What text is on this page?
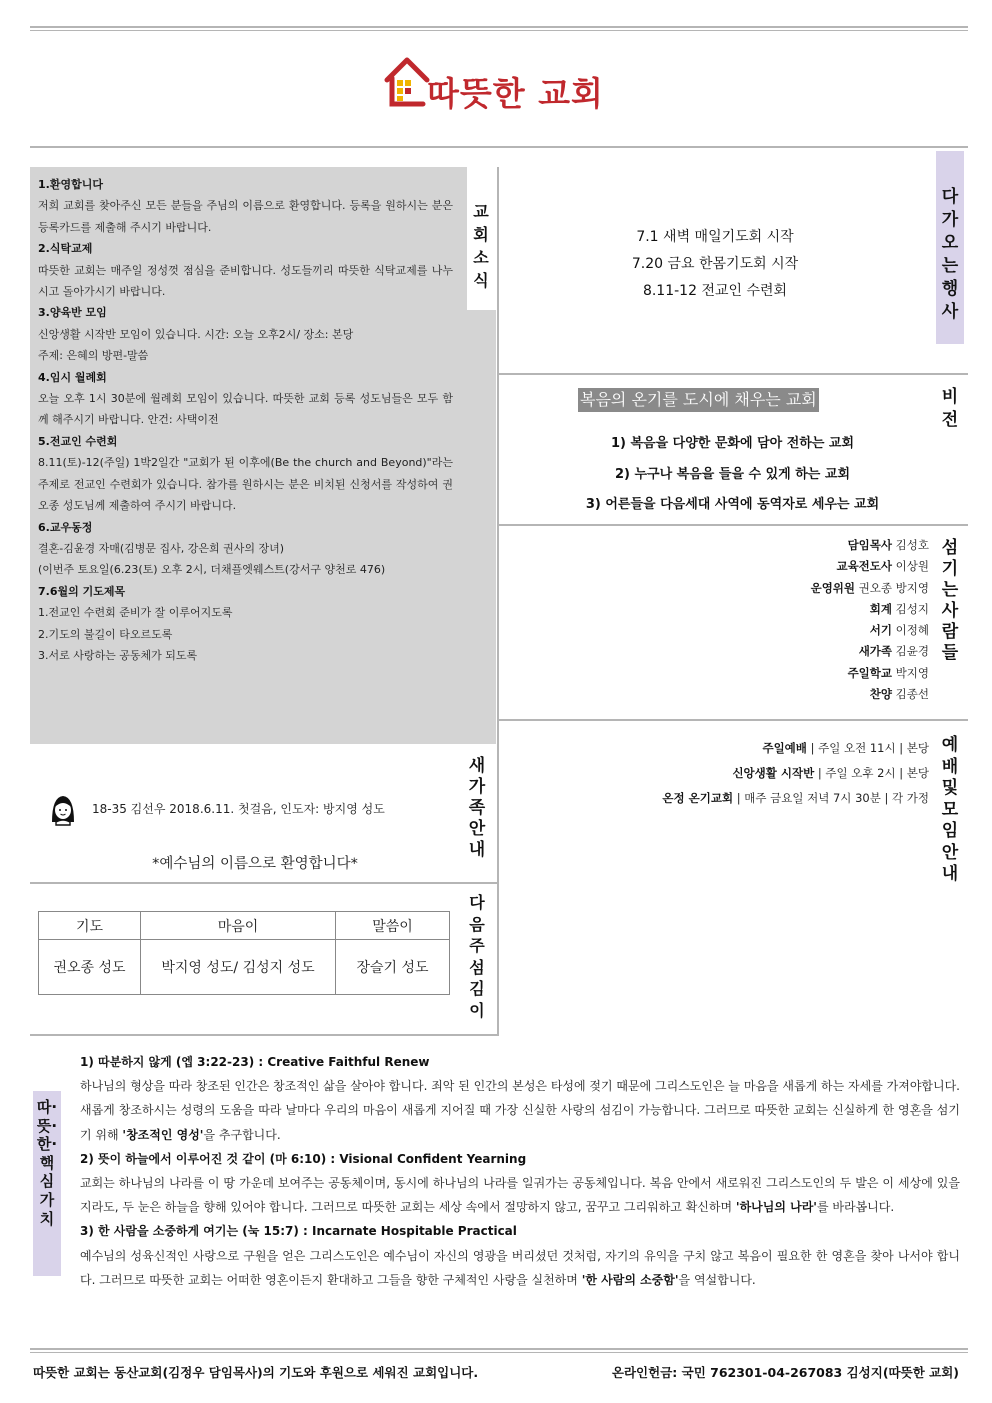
따뜻한 교회
교회소식
1.환영합니다
저희 교회를 찾아주신 모든 분들을 주님의 이름으로 환영합니다. 등록을 원하시는 분은 등록카드를 제출해 주시기 바랍니다.
2.식탁교제
따뜻한 교회는 매주일 정성껏 점심을 준비합니다. 성도들끼리 따뜻한 식탁교제를 나누시고 돌아가시기 바랍니다.
3.양육반 모임
신앙생활 시작반 모임이 있습니다. 시간: 오늘 오후2시/ 장소: 본당
주제: 은혜의 방편-말씀
4.임시 월례회
오늘 오후 1시 30분에 월례회 모임이 있습니다. 따뜻한 교회 등록 성도님들은 모두 함께 해주시기 바랍니다. 안건: 사택이전
5.전교인 수련회
8.11(토)-12(주일) 1박2일간 "교회가 된 이후에(Be the church and Beyond)"라는 주제로 전교인 수련회가 있습니다. 참가를 원하시는 분은 비치된 신청서를 작성하여 권오종 성도님께 제출하여 주시기 바랍니다.
6.교우동정
결혼-김윤경 자매(김병문 집사, 강은희 권사의 장녀)
(이번주 토요일(6.23(토) 오후 2시, 더채플엣웨스트(강서구 양천로 476)
7.6월의 기도제목
1.전교인 수련회 준비가 잘 이루어지도록
2.기도의 불길이 타오르도록
3.서로 사랑하는 공동체가 되도록
다가오는행사
7.1 새벽 매일기도회 시작
7.20 금요 한몸기도회 시작
8.11-12 전교인 수련회
비전
복음의 온기를 도시에 채우는 교회
1) 복음을 다양한 문화에 담아 전하는 교회
2) 누구나 복음을 들을 수 있게 하는 교회
3) 어른들을 다음세대 사역에 동역자로 세우는 교회
섬기는사람들
담임목사 김성호
교육전도사 이상원
운영위원 권오종 방지영
회계 김성지
서기 이정혜
새가족 김윤경
주일학교 박지영
찬양 김종선
예배및모임안내
주일예배 | 주일 오전 11시 | 본당
신앙생활 시작반 | 주일 오후 2시 | 본당
온정 온기교회 | 매주 금요일 저녁 7시 30분 | 각 가정
새가족안내
18-35 김선우 2018.6.11. 첫걸음, 인도자: 방지영 성도
*예수님의 이름으로 환영합니다*
다음주섬김이
기도	마음이	말씀이
권오종 성도	박지영 성도/ 김성지 성도	장슬기 성도
따·뜻·한·핵심가치
1) 따분하지 않게 (엡 3:22-23) : Creative Faithful Renew
하나님의 형상을 따라 창조된 인간은 창조적인 삶을 살아야 합니다. 죄악 된 인간의 본성은 타성에 젖기 때문에 그리스도인은 늘 마음을 새롭게 하는 자세를 가져야합니다. 새롭게 창조하시는 성령의 도움을 따라 날마다 우리의 마음이 새롭게 지어질 때 가장 신실한 사랑의 섬김이 가능합니다. 그러므로 따뜻한 교회는 신실하게 한 영혼을 섬기기 위해 '창조적인 영성'을 추구합니다.
2) 뜻이 하늘에서 이루어진 것 같이 (마 6:10) : Visional Confident Yearning
교회는 하나님의 나라를 이 땅 가운데 보여주는 공동체이며, 동시에 하나님의 나라를 일궈가는 공동체입니다. 복음 안에서 새로워진 그리스도인의 두 발은 이 세상에 있을 지라도, 두 눈은 하늘을 향해 있어야 합니다. 그러므로 따뜻한 교회는 세상 속에서 절망하지 않고, 꿈꾸고 그리워하고 확신하며 '하나님의 나라'를 바라봅니다.
3) 한 사람을 소중하게 여기는 (눅 15:7) : Incarnate Hospitable Practical
예수님의 성육신적인 사랑으로 구원을 얻은 그리스도인은 예수님이 자신의 영광을 버리셨던 것처럼, 자기의 유익을 구치 않고 복음이 필요한 한 영혼을 찾아 나서야 합니다. 그러므로 따뜻한 교회는 어떠한 영혼이든지 환대하고 그들을 향한 구체적인 사랑을 실천하며 '한 사람의 소중함'을 역설합니다.
따뜻한 교회는 동산교회(김정우 담임목사)의 기도와 후원으로 세워진 교회입니다.	온라인헌금: 국민 762301-04-267083 김성지(따뜻한 교회)
